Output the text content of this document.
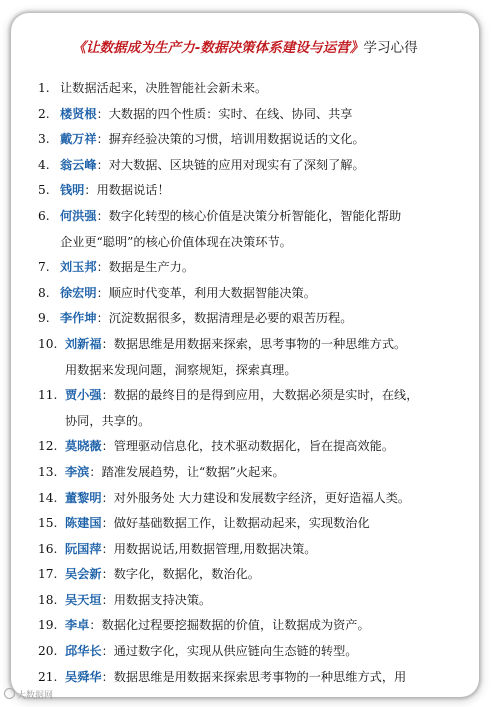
《让数据成为生产力-数据决策体系建设与运营》学习心得
1. 让数据活起来，决胜智能社会新未来。
2. 楼贤根：大数据的四个性质：实时、在线、协同、共享
3. 戴万祥：摒弃经验决策的习惯，培训用数据说话的文化。
4. 翁云峰：对大数据、区块链的应用对现实有了深刻了解。
5. 钱明：用数据说话！
6. 何洪强：数字化转型的核心价值是决策分析智能化，智能化帮助
企业更“聪明”的核心价值体现在决策环节。
7. 刘玉邦：数据是生产力。
8. 徐宏明：顺应时代变革，利用大数据智能决策。
9. 李作坤：沉淀数据很多，数据清理是必要的艰苦历程。
10. 刘新福：数据思维是用数据来探索，思考事物的一种思维方式。
用数据来发现问题，洞察规矩，探索真理。
11. 贾小强：数据的最终目的是得到应用，大数据必须是实时，在线，
协同，共享的。
12. 莫晓薇：管理驱动信息化，技术驱动数据化，旨在提高效能。
13. 李滨：踏准发展趋势，让“数据”火起来。
14. 董黎明：对外服务处 大力建设和发展数字经济，更好造福人类。
15. 陈建国：做好基础数据工作，让数据动起来，实现数治化
16. 阮国萍：用数据说话,用数据管理,用数据决策。
17. 吴会新：数字化，数据化，数治化。
18. 吴天垣：用数据支持决策。
19. 李卓：数据化过程要挖掘数据的价值，让数据成为资产。
20. 邱华长：通过数字化，实现从供应链向生态链的转型。
21. 吴舜华：数据思维是用数据来探索思考事物的一种思维方式，用
大数据网
